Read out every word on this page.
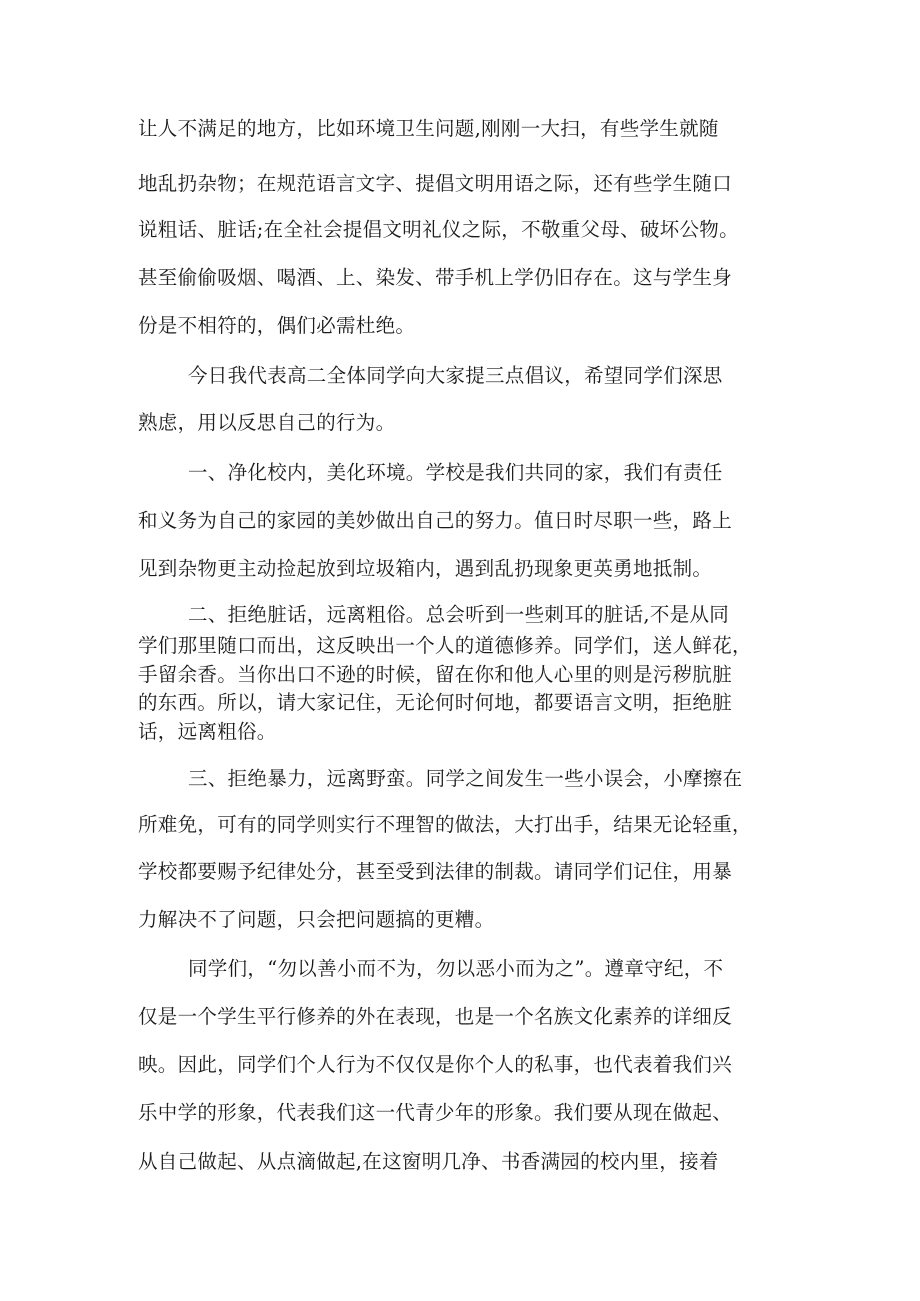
让人不满足的地方，比如环境卫生问题,刚刚一大扫，有些学生就随
地乱扔杂物；在规范语言文字、提倡文明用语之际，还有些学生随口
说粗话、脏话;在全社会提倡文明礼仪之际，不敬重父母、破坏公物。
甚至偷偷吸烟、喝酒、上、染发、带手机上学仍旧存在。这与学生身
份是不相符的，偶们必需杜绝。
今日我代表高二全体同学向大家提三点倡议，希望同学们深思
熟虑，用以反思自己的行为。
一、净化校内，美化环境。学校是我们共同的家，我们有责任
和义务为自己的家园的美妙做出自己的努力。值日时尽职一些，路上
见到杂物更主动捡起放到垃圾箱内，遇到乱扔现象更英勇地抵制。
二、拒绝脏话，远离粗俗。总会听到一些刺耳的脏话,不是从同
学们那里随口而出，这反映出一个人的道德修养。同学们，送人鲜花，
手留余香。当你出口不逊的时候，留在你和他人心里的则是污秽肮脏
的东西。所以，请大家记住，无论何时何地，都要语言文明，拒绝脏
话，远离粗俗。
三、拒绝暴力，远离野蛮。同学之间发生一些小误会，小摩擦在
所难免，可有的同学则实行不理智的做法，大打出手，结果无论轻重，
学校都要赐予纪律处分，甚至受到法律的制裁。请同学们记住，用暴
力解决不了问题，只会把问题搞的更糟。
同学们，“勿以善小而不为，勿以恶小而为之”。遵章守纪，不
仅是一个学生平行修养的外在表现，也是一个名族文化素养的详细反
映。因此，同学们个人行为不仅仅是你个人的私事，也代表着我们兴
乐中学的形象，代表我们这一代青少年的形象。我们要从现在做起、
从自己做起、从点滴做起,在这窗明几净、书香满园的校内里，接着
